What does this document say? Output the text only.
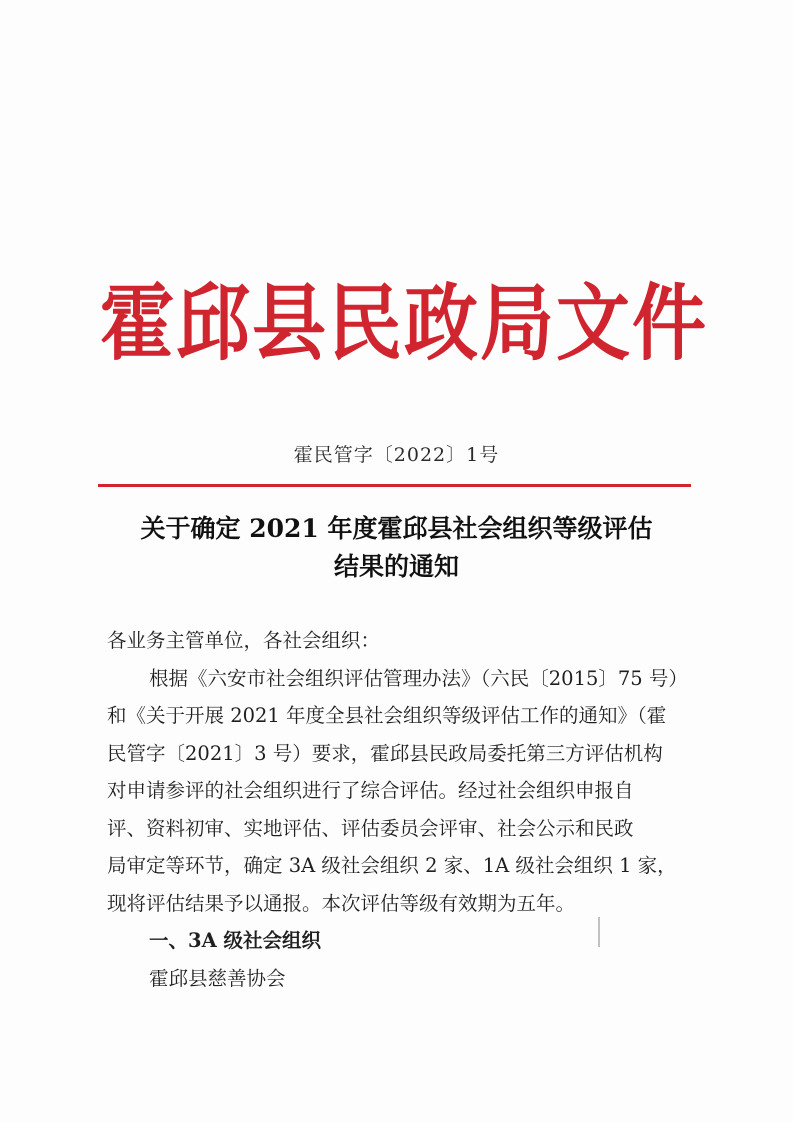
霍邱县民政局文件
霍民管字〔2022〕1号
关于确定 2021 年度霍邱县社会组织等级评估
结果的通知
各业务主管单位，各社会组织：
根据《六安市社会组织评估管理办法》（六民〔2015〕75 号）
和《关于开展 2021 年度全县社会组织等级评估工作的通知》（霍
民管字〔2021〕3 号）要求，霍邱县民政局委托第三方评估机构
对申请参评的社会组织进行了综合评估。经过社会组织申报自
评、资料初审、实地评估、评估委员会评审、社会公示和民政
局审定等环节，确定 3A 级社会组织 2 家、1A 级社会组织 1 家，
现将评估结果予以通报。本次评估等级有效期为五年。
一、3A 级社会组织
霍邱县慈善协会
